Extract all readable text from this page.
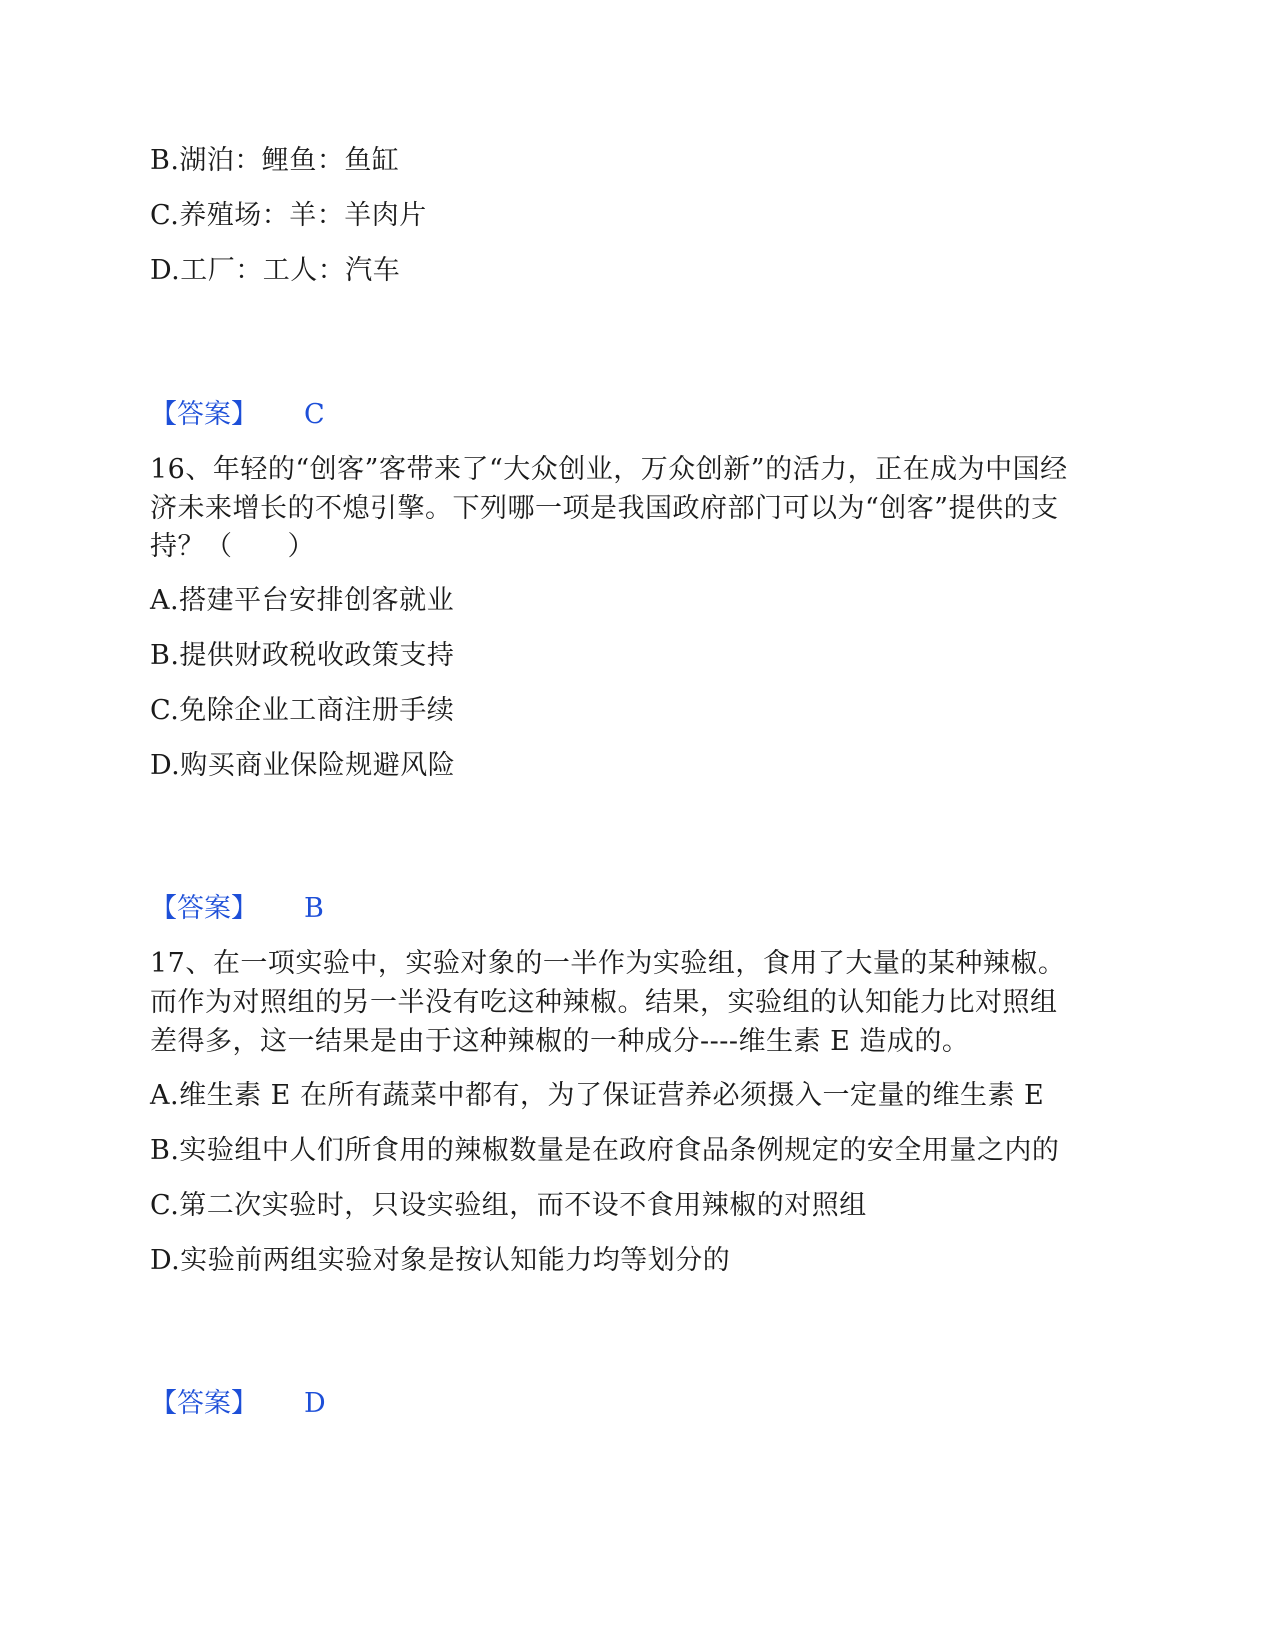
B.湖泊：鲤鱼：鱼缸
C.养殖场：羊：羊肉片
D.工厂：工人：汽车
【答案】 C
16、年轻的“创客”客带来了“大众创业，万众创新”的活力，正在成为中国经
济未来增长的不熄引擎。下列哪一项是我国政府部门可以为“创客”提供的支
持？（　　）
A.搭建平台安排创客就业
B.提供财政税收政策支持
C.免除企业工商注册手续
D.购买商业保险规避风险
【答案】 B
17、在一项实验中，实验对象的一半作为实验组，食用了大量的某种辣椒。
而作为对照组的另一半没有吃这种辣椒。结果，实验组的认知能力比对照组
差得多，这一结果是由于这种辣椒的一种成分----维生素 E 造成的。
A.维生素 E 在所有蔬菜中都有，为了保证营养必须摄入一定量的维生素 E
B.实验组中人们所食用的辣椒数量是在政府食品条例规定的安全用量之内的
C.第二次实验时，只设实验组，而不设不食用辣椒的对照组
D.实验前两组实验对象是按认知能力均等划分的
【答案】 D
